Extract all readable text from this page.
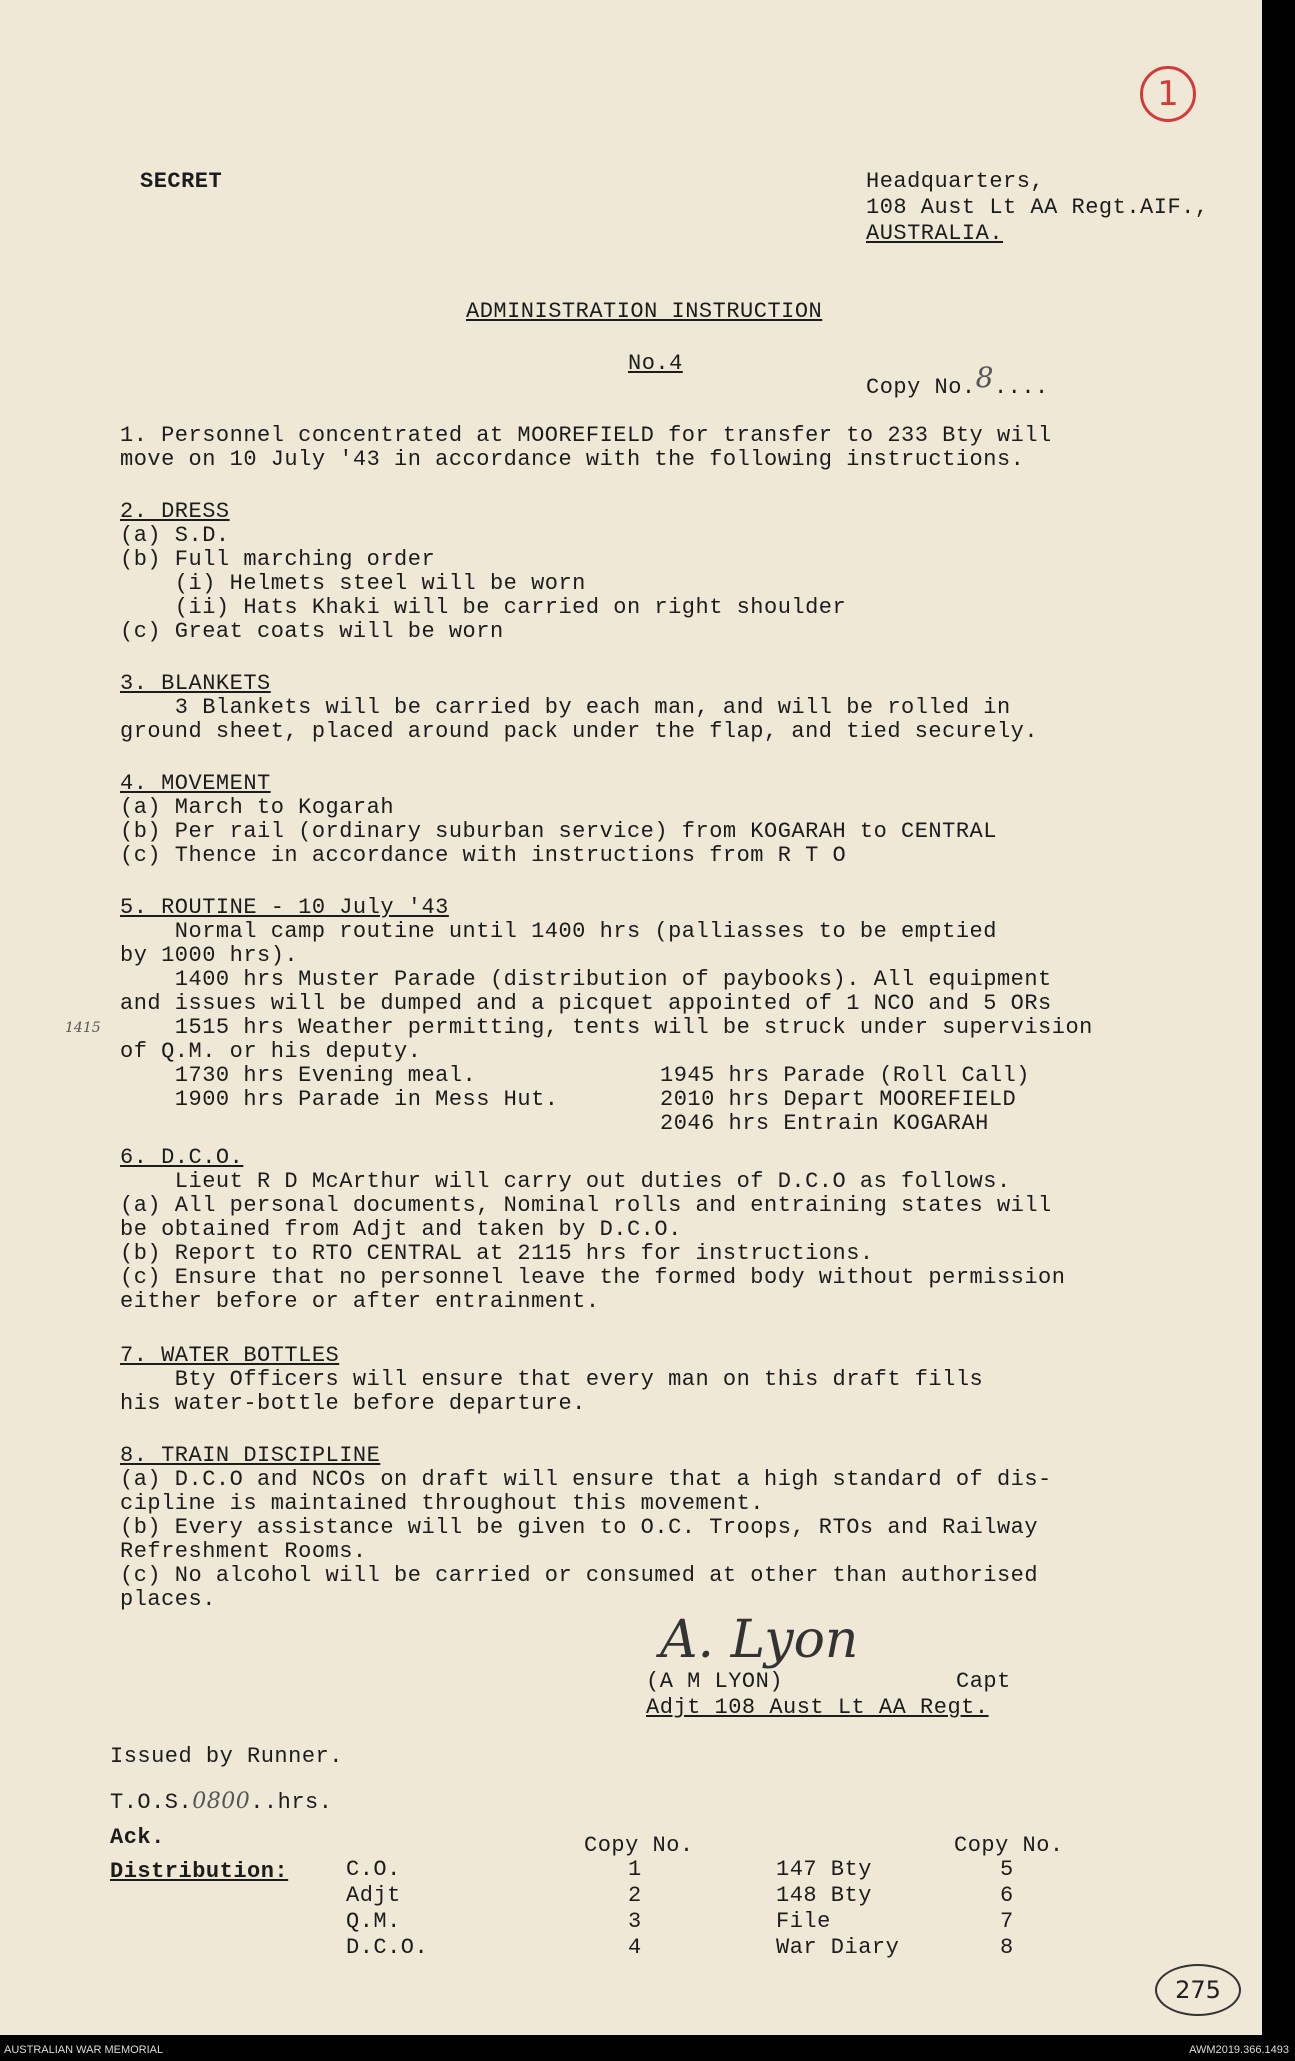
1
SECRET	Headquarters,
108 Aust Lt AA Regt.AIF.,
AUSTRALIA.
ADMINISTRATION INSTRUCTION
No.4
Copy No.8....
1. Personnel concentrated at MOOREFIELD for transfer to 233 Bty will
move on 10 July '43 in accordance with the following instructions.
2. DRESS
(a) S.D.
(b) Full marching order
(i) Helmets steel will be worn
(ii) Hats Khaki will be carried on right shoulder
(c) Great coats will be worn
3. BLANKETS
3 Blankets will be carried by each man, and will be rolled in
ground sheet, placed around pack under the flap, and tied securely.
4. MOVEMENT
(a) March to Kogarah
(b) Per rail (ordinary suburban service) from KOGARAH to CENTRAL
(c) Thence in accordance with instructions from R T O
5. ROUTINE - 10 July '43
Normal camp routine until 1400 hrs (palliasses to be emptied
by 1000 hrs).
1400 hrs Muster Parade (distribution of paybooks). All equipment
and issues will be dumped and a picquet appointed of 1 NCO and 5 ORs
1515 hrs Weather permitting, tents will be struck under supervision
of Q.M. or his deputy.
1730 hrs Evening meal.
1900 hrs Parade in Mess Hut.
1945 hrs Parade (Roll Call)
2010 hrs Depart MOOREFIELD
2046 hrs Entrain KOGARAH
6. D.C.O.
Lieut R D McArthur will carry out duties of D.C.O as follows.
(a) All personal documents, Nominal rolls and entraining states will
be obtained from Adjt and taken by D.C.O.
(b) Report to RTO CENTRAL at 2115 hrs for instructions.
(c) Ensure that no personnel leave the formed body without permission
either before or after entrainment.
7. WATER BOTTLES
Bty Officers will ensure that every man on this draft fills
his water-bottle before departure.
8. TRAIN DISCIPLINE
(a) D.C.O and NCOs on draft will ensure that a high standard of dis-
cipline is maintained throughout this movement.
(b) Every assistance will be given to O.C. Troops, RTOs and Railway
Refreshment Rooms.
(c) No alcohol will be carried or consumed at other than authorised
places.
1415
A. Lyon
(A M LYON)	Capt
Adjt 108 Aust Lt AA Regt.
Issued by Runner.
T.O.S.0800..hrs.
Ack.
Distribution:
Copy No.	Copy No.
C.O.	1
Adjt	2
Q.M.	3
D.C.O.	4
147 Bty	5
148 Bty	6
File	7
War Diary	8
275
AUSTRALIAN WAR MEMORIAL	AWM2019.366.1493
